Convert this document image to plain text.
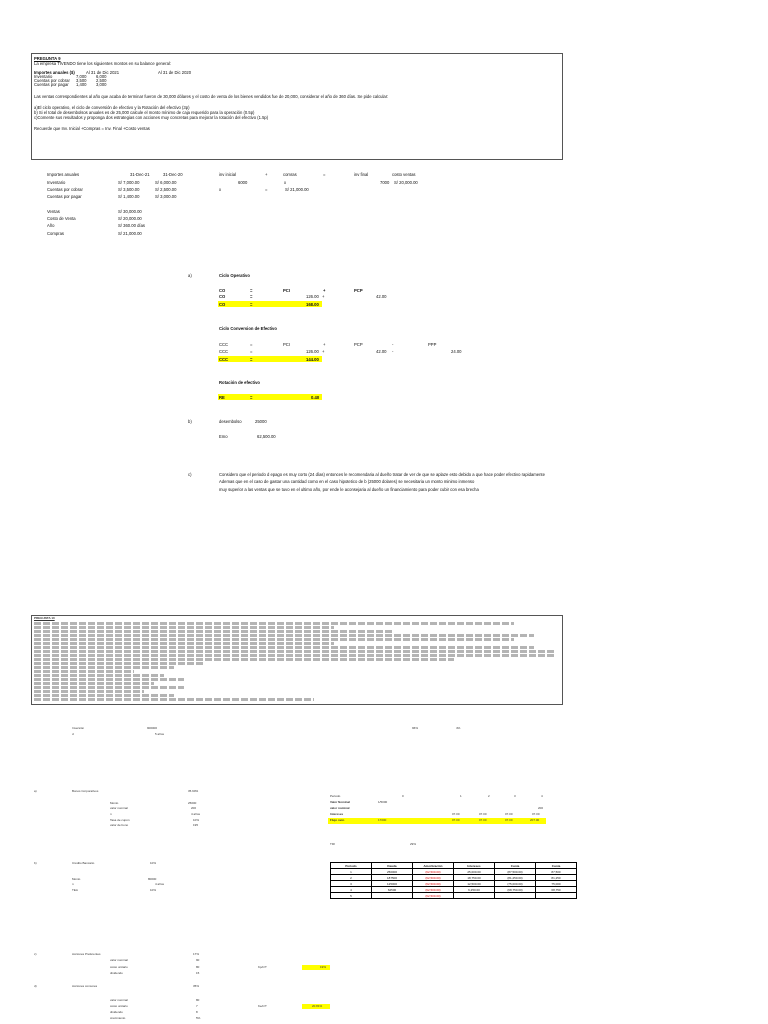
PREGUNTA 9
La empresa TIVENDO tiene los siguientes montos en su balance general:
Importes anuales ($)	Al 31 de Dic 2021	Al 31 de Dic 2020
Inventario	7,000 6,000
Cuentas por cobrar 3,500 2,500
Cuentas por pagar 1,400 3,000
Las ventas correspondientes al año que acaba de terminar fueron de 30,000 dólares y el costo de venta de los bienes vendidos fue de 20,000, considerar el año de 360 días. Se pide calcular:
a)El ciclo operativo, el ciclo de conversión de efectivo y la Rotación del efectivo (3p)
b) Si el total de desembolsos anuales es de 25,000 calcule el monto mínimo de caja requerido para la operación (0.5p)
c)Comente sus resultados y proponga dos estrategias con acciones muy concretas para mejorar la rotación del efectivo (1.5p)
Recuerde que Inv. Inicial +Compras = Inv. Final +Costo ventas
Importes anuales	31-Dec-21	31-Dec-20
Inventario	S/ 7,000.00	S/ 6,000.00
Cuentas por cobrar	S/ 3,500.00	S/ 2,500.00
Cuentas por pagar	S/ 1,400.00	S/ 3,000.00
Ventas	S/ 30,000.00
Costo de Venta	S/ 20,000.00
Año	S/ 360.00 días
Compras	S/ 21,000.00
inv inicial	+	comras	=	inv final	costo ventas
6000	x	7000 S/ 20,000.00
x	=	S/ 21,000.00
a)	Ciclo Operativo
CO	=	PCI	+	PCP
CO	=	126.00 +	42.00
CO	=	168.00
Ciclo Conversion de Efectivo
CCC	=	PCI	+	PCP	-	PPP
CCC	=	126.00 +	42.00 -	24.00
CCC	=	144.00
Rotación de efectivo
RE	=	0.40
b)	desembolso	25000
Emo	62,500.00
c)	Considero que el periodo d epago es muy corto (24 días) entonces le recomendaria al dueño tratar de ver de que se aplaze esto debido a que hace poder efectivo rapidamente
Ademas que en el caso de gastar una cantidad como en el caso hipotetico de b (25000 dolares) se necesitaria un monto minimo inmenso
muy superior a las ventas que se tuvo en el ultimo año, por ende le aconsejaria al dueño un financiamiento para poder cubir con esa brecha
PREGUNTA 10
Inversión	900000	96%	4%
d	5 años
a)	Bonos Corporativos	35.90%
Monto	25000
valor nominal	200
n	4 años
Tasa de cupón	10%
valor de bono	195
Periodo	0	1	2	3	4
Valor Nominal	1/5000
valor nominal	200
Intereses	07.00	07.00	07.00	07.00
Flujo neto	17000	07.00	07.00	07.00	207.00
TIR	29%
b)	Crédito Bancario	10%
Monto	80000
n	4 años
TEA	10%
Periodo	Deuda	Amortización	Intereses	Cuota	Cuota
1	250000	(62,500.00)	25,000.00	(87,500.00)	87,500
2	187500	(62,500.00)	18,750.00	(81,250.00)	81,250
3	125000	(62,500.00)	12,500.00	(75,000.00)	75,000
4	62500	(62,500.00)	6,250.00	(68,750.00)	68,750
5		(62,500.00)			
c)	Acciones Preferentes	17%
valor nominal	90
costo unitario	80
dividendo	15
Kp/n/T	19%
d)	Acciones comunes	35%
valor nominal	80
costo unitario	7
dividendo	8
crecimiento	5%
Ke/n/T	20.81%
